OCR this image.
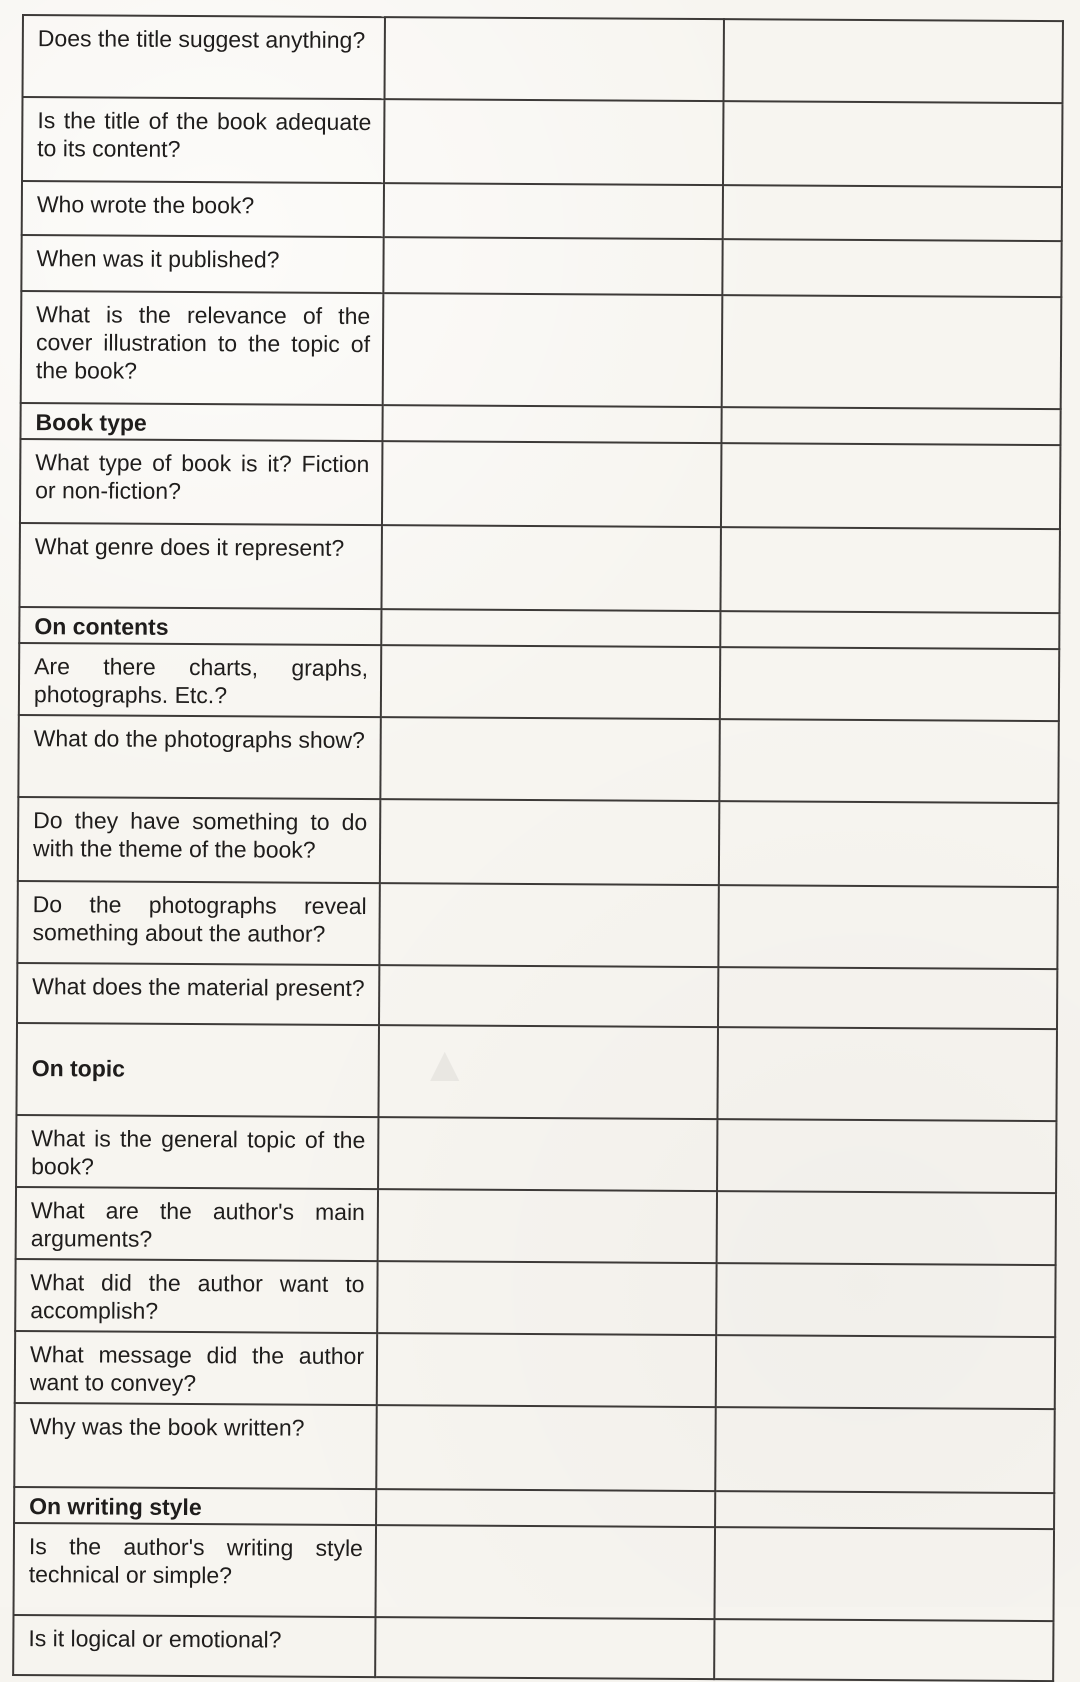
▲
Does the title suggest anything?		

Is the title of the book adequate to its content?		

Who wrote the book?		

When was it published?		

What is the relevance of the cover illustration to the topic of the book?		

Book type		

What type of book is it? Fiction or non-fiction?		

What genre does it represent?		

On contents		

Are there charts, graphs, photographs. Etc.?		

What do the photographs show?		

Do they have something to do with the theme of the book?		

Do the photographs reveal something about the author?		

What does the material present?		

On topic		

What is the general topic of the book?		

What are the author's main arguments?		

What did the author want to accomplish?		

What message did the author want to convey?		

Why was the book written?		

On writing style		

Is the author's writing style technical or simple?		

Is it logical or emotional?		
